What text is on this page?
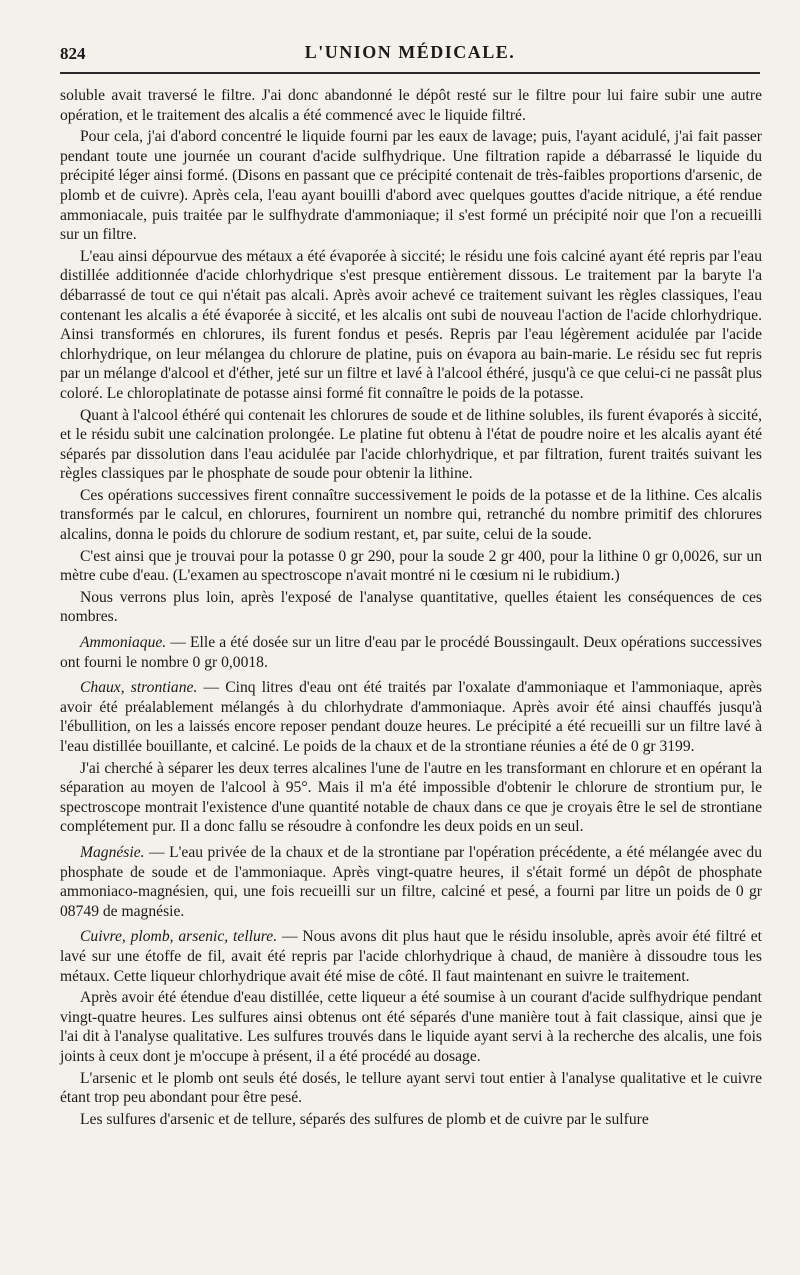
824	L'UNION MÉDICALE.

soluble avait traversé le filtre. J'ai donc abandonné le dépôt resté sur le filtre pour lui faire subir une autre opération, et le traitement des alcalis a été commencé avec le liquide filtré.

Pour cela, j'ai d'abord concentré le liquide fourni par les eaux de lavage; puis, l'ayant acidulé, j'ai fait passer pendant toute une journée un courant d'acide sulfhydrique. Une filtration rapide a débarrassé le liquide du précipité léger ainsi formé. (Disons en passant que ce précipité contenait de très-faibles proportions d'arsenic, de plomb et de cuivre). Après cela, l'eau ayant bouilli d'abord avec quelques gouttes d'acide nitrique, a été rendue ammoniacale, puis traitée par le sulfhydrate d'ammoniaque; il s'est formé un précipité noir que l'on a recueilli sur un filtre.

L'eau ainsi dépourvue des métaux a été évaporée à siccité; le résidu une fois calciné ayant été repris par l'eau distillée additionnée d'acide chlorhydrique s'est presque entièrement dissous. Le traitement par la baryte l'a débarrassé de tout ce qui n'était pas alcali. Après avoir achevé ce traitement suivant les règles classiques, l'eau contenant les alcalis a été évaporée à siccité, et les alcalis ont subi de nouveau l'action de l'acide chlorhydrique. Ainsi transformés en chlorures, ils furent fondus et pesés. Repris par l'eau légèrement acidulée par l'acide chlorhydrique, on leur mélangea du chlorure de platine, puis on évapora au bain-marie. Le résidu sec fut repris par un mélange d'alcool et d'éther, jeté sur un filtre et lavé à l'alcool éthéré, jusqu'à ce que celui-ci ne passât plus coloré. Le chloroplatinate de potasse ainsi formé fit connaître le poids de la potasse.

Quant à l'alcool éthéré qui contenait les chlorures de soude et de lithine solubles, ils furent évaporés à siccité, et le résidu subit une calcination prolongée. Le platine fut obtenu à l'état de poudre noire et les alcalis ayant été séparés par dissolution dans l'eau acidulée par l'acide chlorhydrique, et par filtration, furent traités suivant les règles classiques par le phosphate de soude pour obtenir la lithine.

Ces opérations successives firent connaître successivement le poids de la potasse et de la lithine. Ces alcalis transformés par le calcul, en chlorures, fournirent un nombre qui, retranché du nombre primitif des chlorures alcalins, donna le poids du chlorure de sodium restant, et, par suite, celui de la soude.

C'est ainsi que je trouvai pour la potasse 0 gr 290, pour la soude 2 gr 400, pour la lithine 0 gr 0,0026, sur un mètre cube d'eau. (L'examen au spectroscope n'avait montré ni le cœsium ni le rubidium.)

Nous verrons plus loin, après l'exposé de l'analyse quantitative, quelles étaient les conséquences de ces nombres.

Ammoniaque. — Elle a été dosée sur un litre d'eau par le procédé Boussingault. Deux opérations successives ont fourni le nombre 0 gr 0,0018.

Chaux, strontiane. — Cinq litres d'eau ont été traités par l'oxalate d'ammoniaque et l'ammoniaque, après avoir été préalablement mélangés à du chlorhydrate d'ammoniaque. Après avoir été ainsi chauffés jusqu'à l'ébullition, on les a laissés encore reposer pendant douze heures. Le précipité a été recueilli sur un filtre lavé à l'eau distillée bouillante, et calciné. Le poids de la chaux et de la strontiane réunies a été de 0 gr 3199.

J'ai cherché à séparer les deux terres alcalines l'une de l'autre en les transformant en chlorure et en opérant la séparation au moyen de l'alcool à 95°. Mais il m'a été impossible d'obtenir le chlorure de strontium pur, le spectroscope montrait l'existence d'une quantité notable de chaux dans ce que je croyais être le sel de strontiane complétement pur. Il a donc fallu se résoudre à confondre les deux poids en un seul.

Magnésie. — L'eau privée de la chaux et de la strontiane par l'opération précédente, a été mélangée avec du phosphate de soude et de l'ammoniaque. Après vingt-quatre heures, il s'était formé un dépôt de phosphate ammoniaco-magnésien, qui, une fois recueilli sur un filtre, calciné et pesé, a fourni par litre un poids de 0 gr 08749 de magnésie.

Cuivre, plomb, arsenic, tellure. — Nous avons dit plus haut que le résidu insoluble, après avoir été filtré et lavé sur une étoffe de fil, avait été repris par l'acide chlorhydrique à chaud, de manière à dissoudre tous les métaux. Cette liqueur chlorhydrique avait été mise de côté. Il faut maintenant en suivre le traitement.

Après avoir été étendue d'eau distillée, cette liqueur a été soumise à un courant d'acide sulfhydrique pendant vingt-quatre heures. Les sulfures ainsi obtenus ont été séparés d'une manière tout à fait classique, ainsi que je l'ai dit à l'analyse qualitative. Les sulfures trouvés dans le liquide ayant servi à la recherche des alcalis, une fois joints à ceux dont je m'occupe à présent, il a été procédé au dosage.

L'arsenic et le plomb ont seuls été dosés, le tellure ayant servi tout entier à l'analyse qualitative et le cuivre étant trop peu abondant pour être pesé.

Les sulfures d'arsenic et de tellure, séparés des sulfures de plomb et de cuivre par le sulfure
